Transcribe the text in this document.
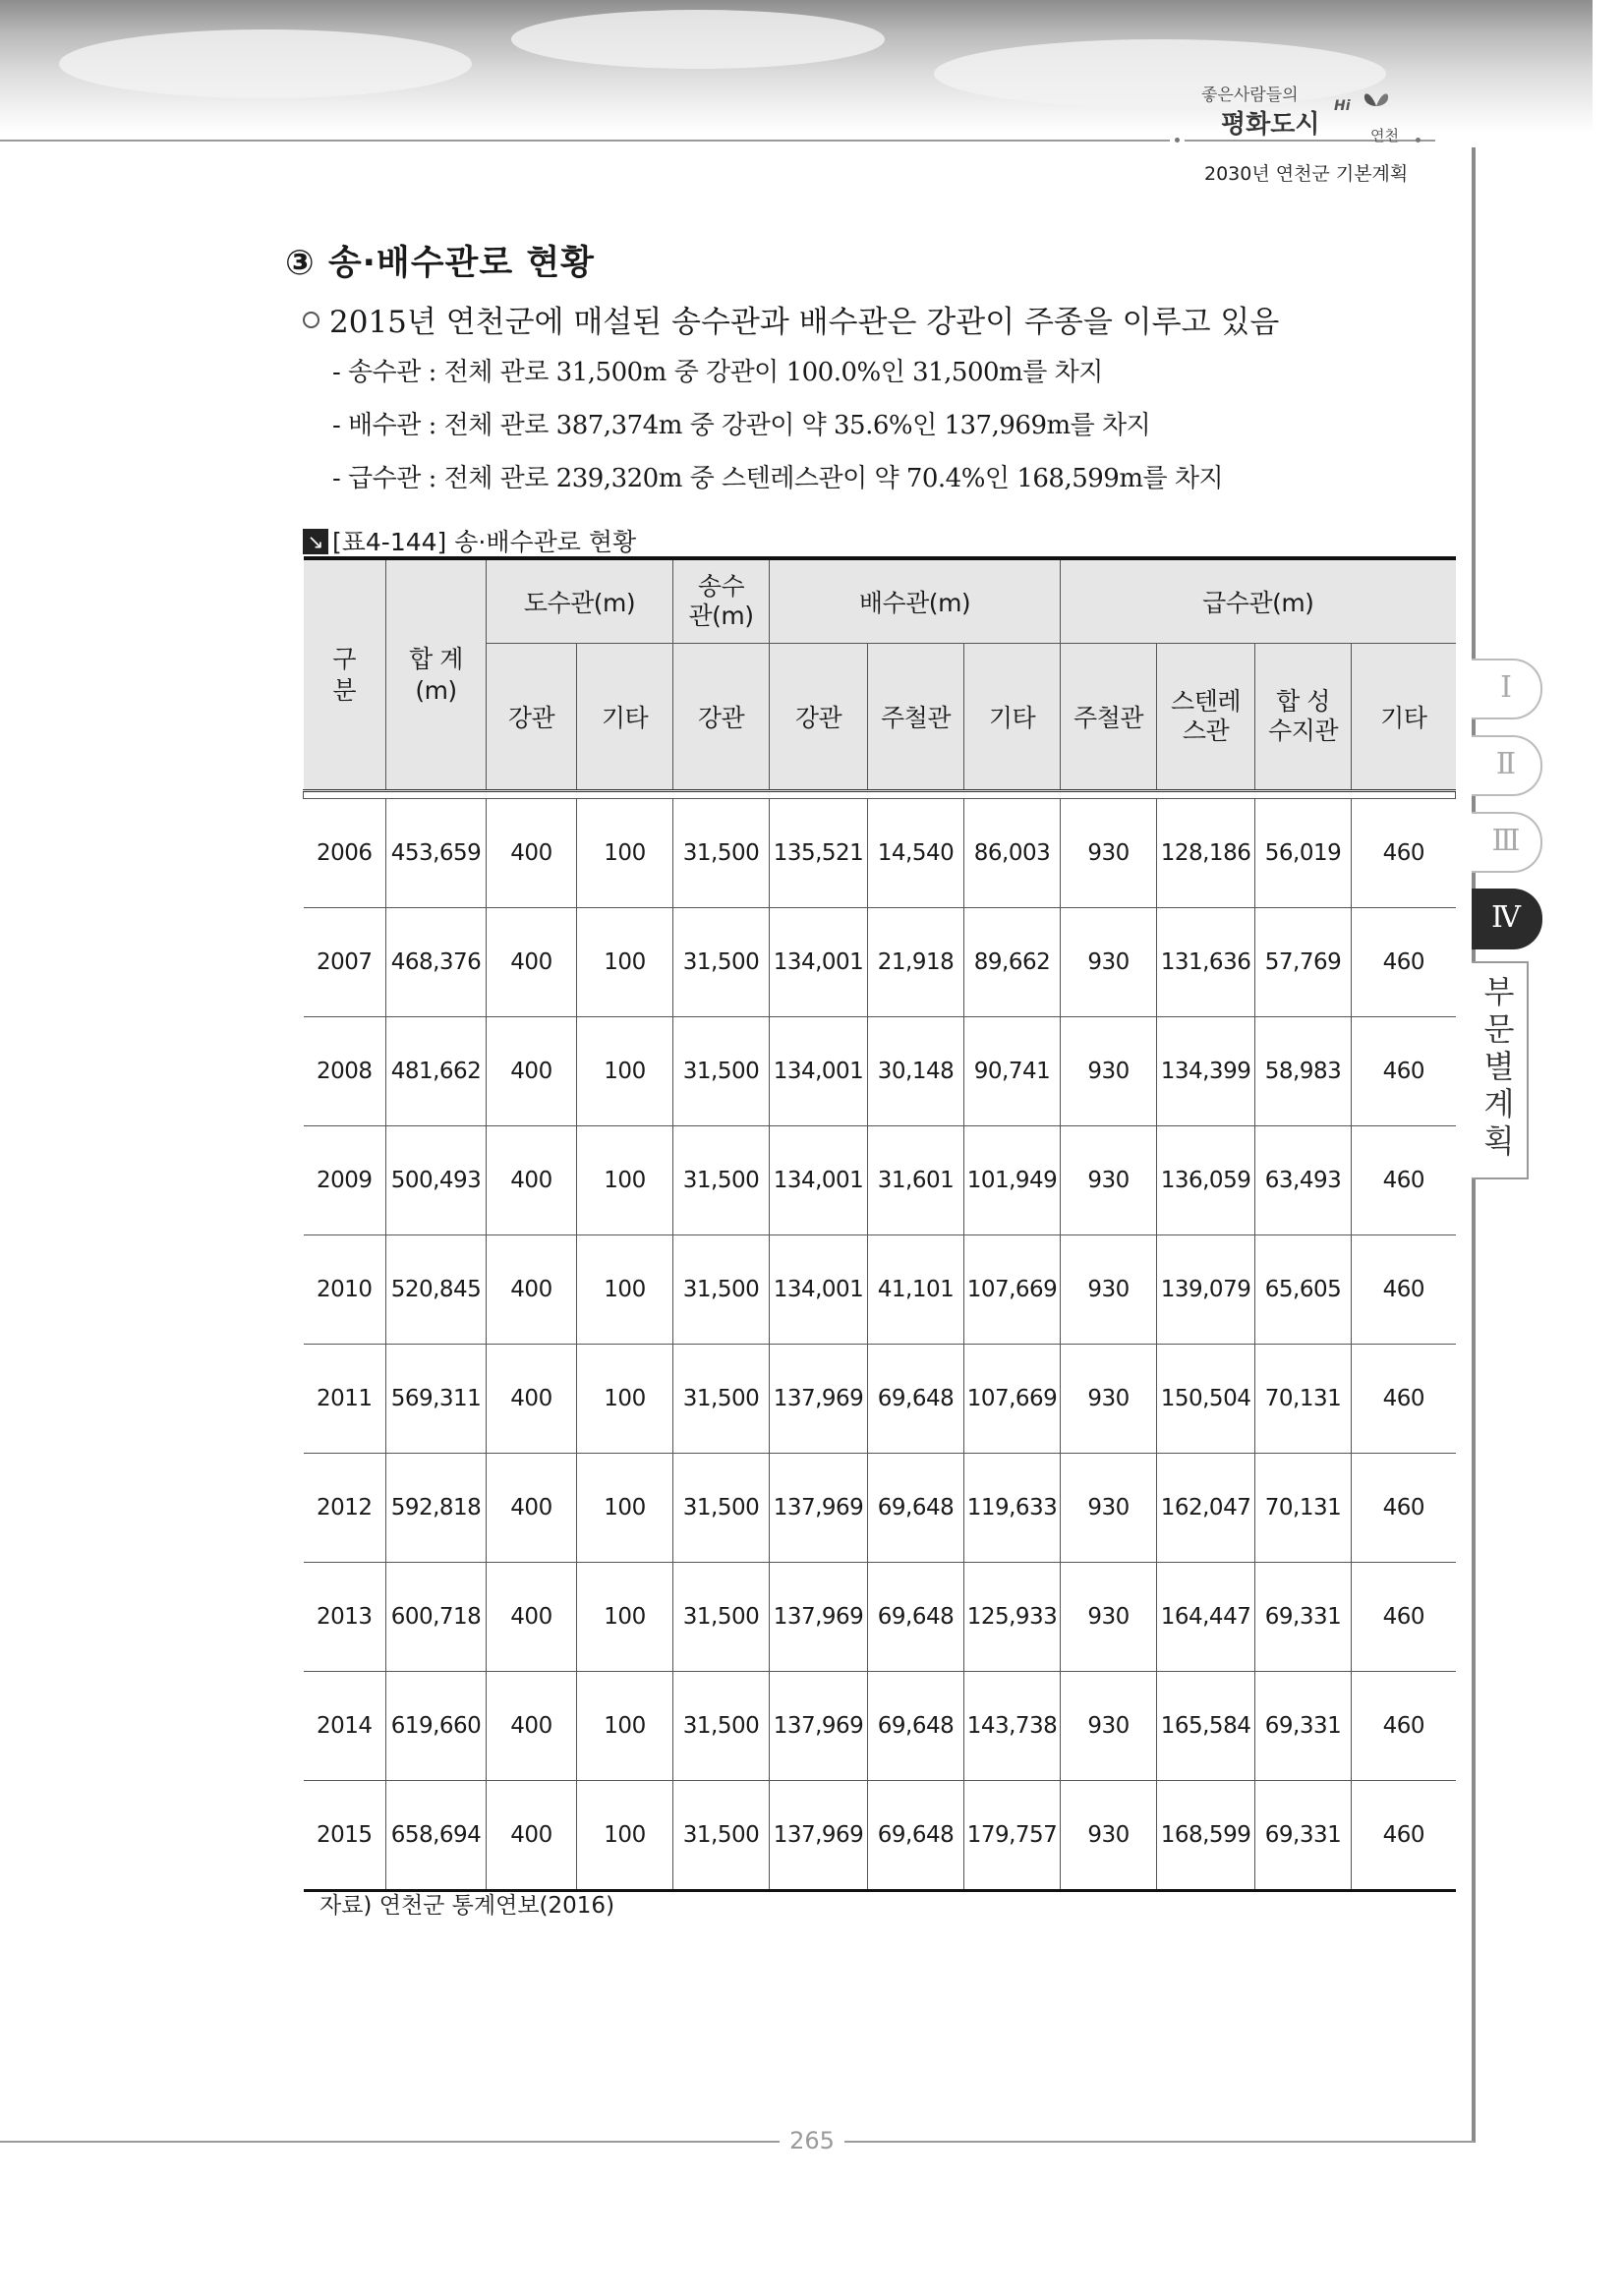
좋은사람들의
평화도시
Hi
연천
2030년 연천군 기본계획
③ 송·배수관로 현황
2015년 연천군에 매설된 송수관과 배수관은 강관이 주종을 이루고 있음
- 송수관 : 전체 관로 31,500m 중 강관이 100.0%인 31,500m를 차지
- 배수관 : 전체 관로 387,374m 중 강관이 약 35.6%인 137,969m를 차지
- 급수관 : 전체 관로 239,320m 중 스텐레스관이 약 70.4%인 168,599m를 차지
↘ [표4-144] 송·배수관로 현황
구분	합 계 (m)	도수관(m)		송수관(m)	배수관(m)			급수관(m)			
		강관	기타	강관	강관	주철관	기타	주철관	스텐레스관	합 성 수지관	기타

2006	453,659	400	100	31,500	135,521	14,540	86,003	930	128,186	56,019	460
2007	468,376	400	100	31,500	134,001	21,918	89,662	930	131,636	57,769	460
2008	481,662	400	100	31,500	134,001	30,148	90,741	930	134,399	58,983	460
2009	500,493	400	100	31,500	134,001	31,601	101,949	930	136,059	63,493	460
2010	520,845	400	100	31,500	134,001	41,101	107,669	930	139,079	65,605	460
2011	569,311	400	100	31,500	137,969	69,648	107,669	930	150,504	70,131	460
2012	592,818	400	100	31,500	137,969	69,648	119,633	930	162,047	70,131	460
2013	600,718	400	100	31,500	137,969	69,648	125,933	930	164,447	69,331	460
2014	619,660	400	100	31,500	137,969	69,648	143,738	930	165,584	69,331	460
2015	658,694	400	100	31,500	137,969	69,648	179,757	930	168,599	69,331	460
자료) 연천군 통계연보(2016)
Ⅰ
Ⅱ
Ⅲ
Ⅳ
부
문
별
계
획
265
